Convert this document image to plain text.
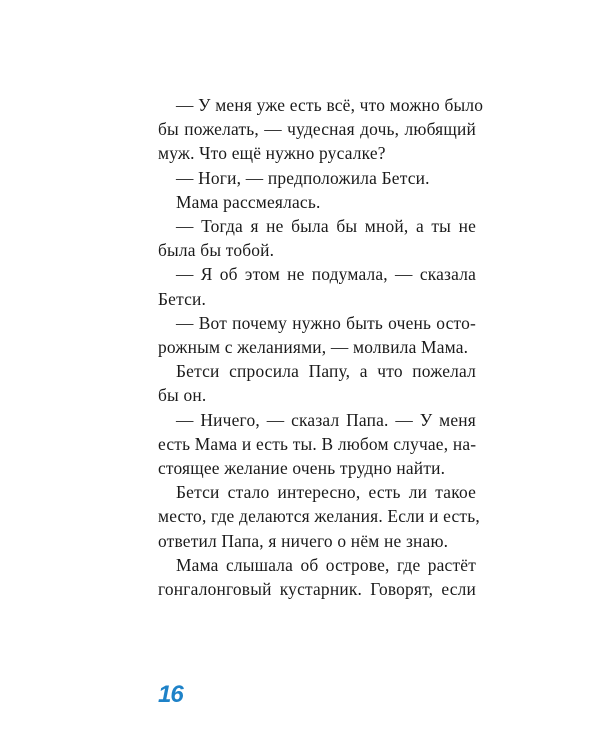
— У меня уже есть всё, что можно было
бы пожелать, — чудесная дочь, любящий
муж. Что ещё нужно русалке?
— Ноги, — предположила Бетси.
Мама рассмеялась.
— Тогда я не была бы мной, а ты не
была бы тобой.
— Я об этом не подумала, — сказала
Бетси.
— Вот почему нужно быть очень осто-
рожным с желаниями, — молвила Мама.
Бетси спросила Папу, а что пожелал
бы он.
— Ничего, — сказал Папа. — У меня
есть Мама и есть ты. В любом случае, на-
стоящее желание очень трудно найти.
Бетси стало интересно, есть ли такое
место, где делаются желания. Если и есть,
ответил Папа, я ничего о нём не знаю.
Мама слышала об острове, где растёт
гонгалонговый кустарник. Говорят, если
16
